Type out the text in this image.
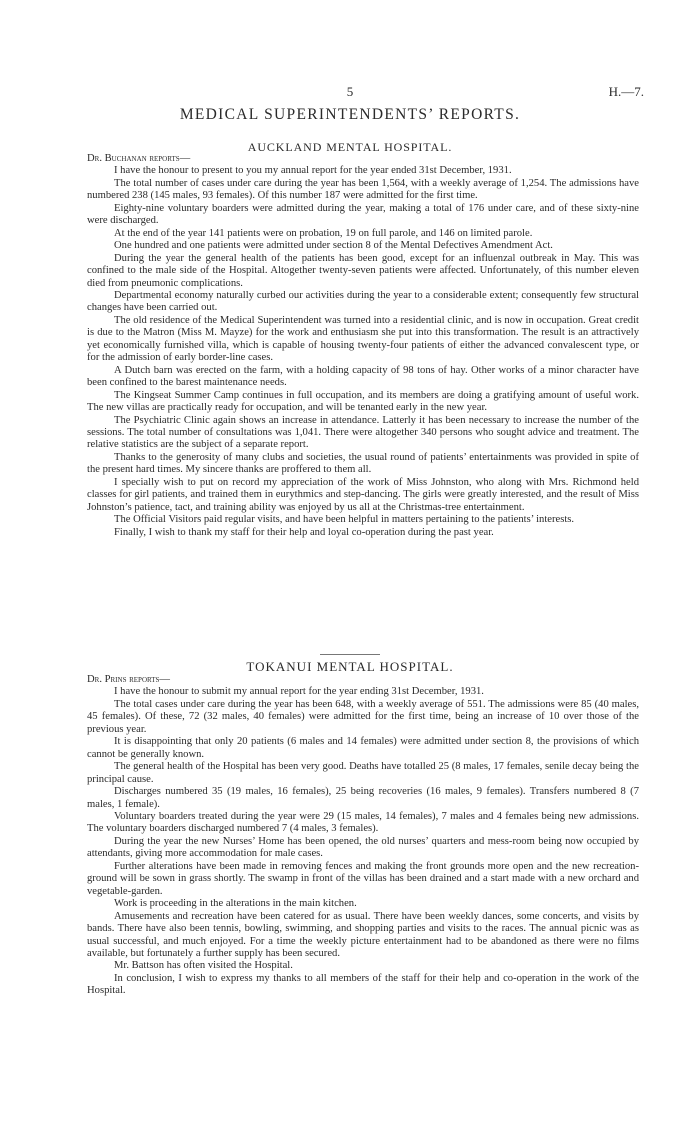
5	H.—7.
MEDICAL SUPERINTENDENTS’ REPORTS.
AUCKLAND MENTAL HOSPITAL.

Dr. Buchanan reports—

I have the honour to present to you my annual report for the year ended 31st December, 1931.

The total number of cases under care during the year has been 1,564, with a weekly average of 1,254. The admissions have numbered 238 (145 males, 93 females). Of this number 187 were admitted for the first time.

Eighty-nine voluntary boarders were admitted during the year, making a total of 176 under care, and of these sixty-nine were discharged.

At the end of the year 141 patients were on probation, 19 on full parole, and 146 on limited parole.

One hundred and one patients were admitted under section 8 of the Mental Defectives Amendment Act.

During the year the general health of the patients has been good, except for an influenzal outbreak in May. This was confined to the male side of the Hospital. Altogether twenty-seven patients were affected. Unfortunately, of this number eleven died from pneumonic complications.

Departmental economy naturally curbed our activities during the year to a considerable extent; consequently few structural changes have been carried out.

The old residence of the Medical Superintendent was turned into a residential clinic, and is now in occupation. Great credit is due to the Matron (Miss M. Mayze) for the work and enthusiasm she put into this transformation. The result is an attractively yet economically furnished villa, which is capable of housing twenty-four patients of either the advanced convalescent type, or for the admission of early border-line cases.

A Dutch barn was erected on the farm, with a holding capacity of 98 tons of hay. Other works of a minor character have been confined to the barest maintenance needs.

The Kingseat Summer Camp continues in full occupation, and its members are doing a gratifying amount of useful work. The new villas are practically ready for occupation, and will be tenanted early in the new year.

The Psychiatric Clinic again shows an increase in attendance. Latterly it has been necessary to increase the number of the sessions. The total number of consultations was 1,041. There were altogether 340 persons who sought advice and treatment. The relative statistics are the subject of a separate report.

Thanks to the generosity of many clubs and societies, the usual round of patients’ entertainments was provided in spite of the present hard times. My sincere thanks are proffered to them all.

I specially wish to put on record my appreciation of the work of Miss Johnston, who along with Mrs. Richmond held classes for girl patients, and trained them in eurythmics and step-dancing. The girls were greatly interested, and the result of Miss Johnston’s patience, tact, and training ability was enjoyed by us all at the Christmas-tree entertainment.

The Official Visitors paid regular visits, and have been helpful in matters pertaining to the patients’ interests.

Finally, I wish to thank my staff for their help and loyal co-operation during the past year.

TOKANUI MENTAL HOSPITAL.

Dr. Prins reports—

I have the honour to submit my annual report for the year ending 31st December, 1931.

The total cases under care during the year has been 648, with a weekly average of 551. The admissions were 85 (40 males, 45 females). Of these, 72 (32 males, 40 females) were admitted for the first time, being an increase of 10 over those of the previous year.

It is disappointing that only 20 patients (6 males and 14 females) were admitted under section 8, the provisions of which cannot be generally known.

The general health of the Hospital has been very good. Deaths have totalled 25 (8 males, 17 females, senile decay being the principal cause.

Discharges numbered 35 (19 males, 16 females), 25 being recoveries (16 males, 9 females). Transfers numbered 8 (7 males, 1 female).

Voluntary boarders treated during the year were 29 (15 males, 14 females), 7 males and 4 females being new admissions. The voluntary boarders discharged numbered 7 (4 males, 3 females).

During the year the new Nurses’ Home has been opened, the old nurses’ quarters and mess-room being now occupied by attendants, giving more accommodation for male cases.

Further alterations have been made in removing fences and making the front grounds more open and the new recreation-ground will be sown in grass shortly. The swamp in front of the villas has been drained and a start made with a new orchard and vegetable-garden.

Work is proceeding in the alterations in the main kitchen.

Amusements and recreation have been catered for as usual. There have been weekly dances, some concerts, and visits by bands. There have also been tennis, bowling, swimming, and shopping parties and visits to the races. The annual picnic was as usual successful, and much enjoyed. For a time the weekly picture entertainment had to be abandoned as there were no films available, but fortunately a further supply has been secured.

Mr. Battson has often visited the Hospital.

In conclusion, I wish to express my thanks to all members of the staff for their help and co-operation in the work of the Hospital.
